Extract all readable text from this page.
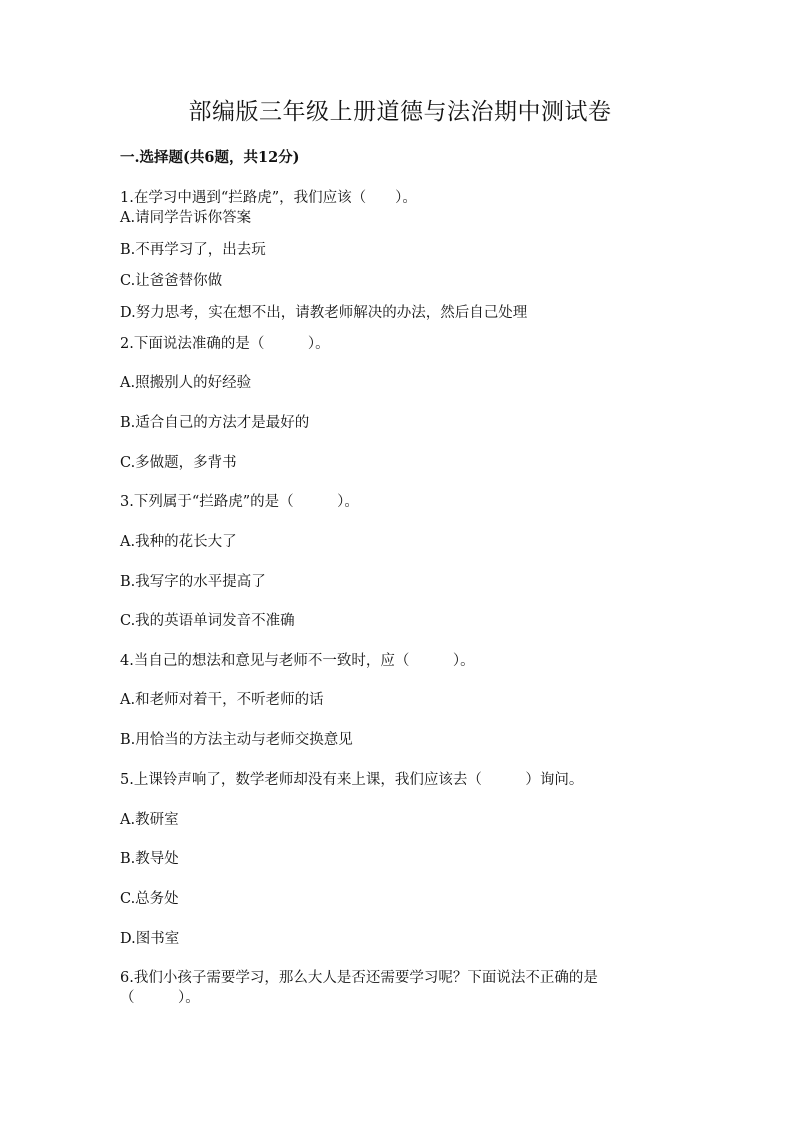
部编版三年级上册道德与法治期中测试卷
一.选择题(共6题，共12分)

1.在学习中遇到“拦路虎”，我们应该（　　）。

A.请同学告诉你答案

B.不再学习了，出去玩

C.让爸爸替你做

D.努力思考，实在想不出，请教老师解决的办法，然后自己处理

2.下面说法准确的是（　　　）。

A.照搬别人的好经验

B.适合自己的方法才是最好的

C.多做题，多背书

3.下列属于“拦路虎”的是（　　　）。

A.我种的花长大了

B.我写字的水平提高了

C.我的英语单词发音不准确

4.当自己的想法和意见与老师不一致时，应（　　　）。

A.和老师对着干，不听老师的话

B.用恰当的方法主动与老师交换意见

5.上课铃声响了，数学老师却没有来上课，我们应该去（　　　）询问。

A.教研室

B.教导处

C.总务处

D.图书室

6.我们小孩子需要学习，那么大人是否还需要学习呢？下面说法不正确的是（　　　）。
